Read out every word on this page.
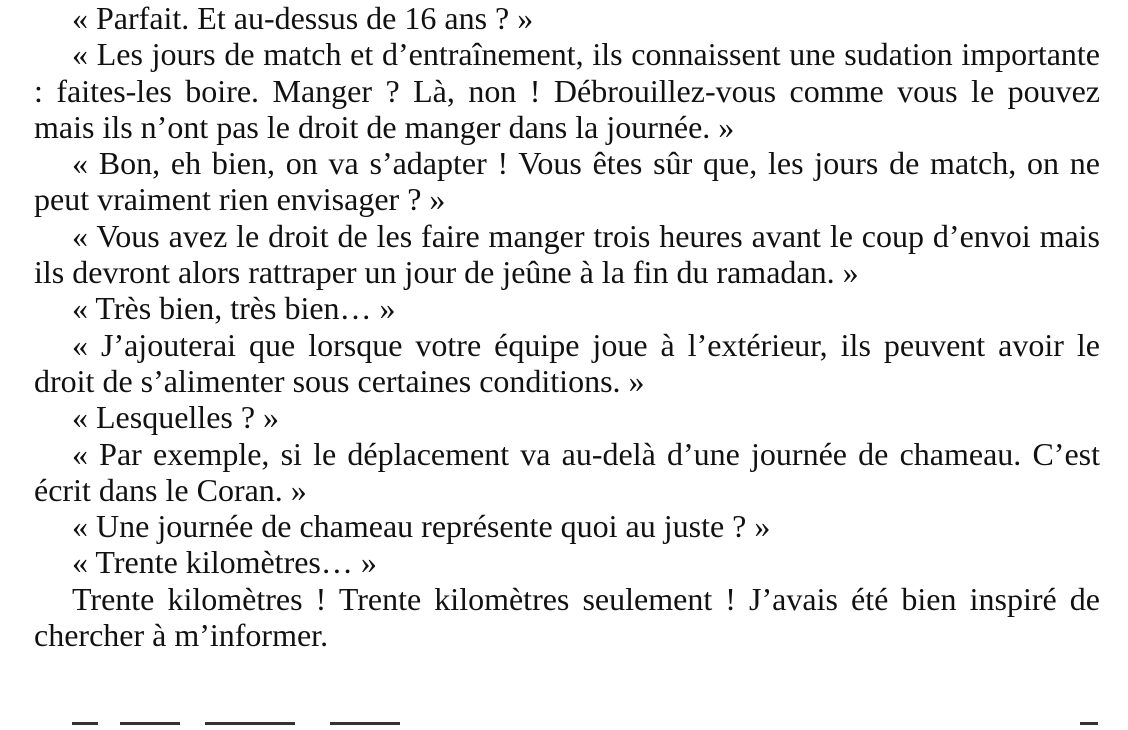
« Parfait. Et au-dessus de 16 ans ? »

« Les jours de match et d’entraînement, ils connaissent une sudation importante : faites-les boire. Manger ? Là, non ! Débrouillez-vous comme vous le pouvez mais ils n’ont pas le droit de manger dans la journée. »

« Bon, eh bien, on va s’adapter ! Vous êtes sûr que, les jours de match, on ne peut vraiment rien envisager ? »

« Vous avez le droit de les faire manger trois heures avant le coup d’envoi mais ils devront alors rattraper un jour de jeûne à la fin du ramadan. »

« Très bien, très bien… »

« J’ajouterai que lorsque votre équipe joue à l’extérieur, ils peuvent avoir le droit de s’alimenter sous certaines conditions. »

« Lesquelles ? »

« Par exemple, si le déplacement va au-delà d’une journée de chameau. C’est écrit dans le Coran. »

« Une journée de chameau représente quoi au juste ? »

« Trente kilomètres… »

Trente kilomètres ! Trente kilomètres seulement ! J’avais été bien inspiré de chercher à m’informer.
